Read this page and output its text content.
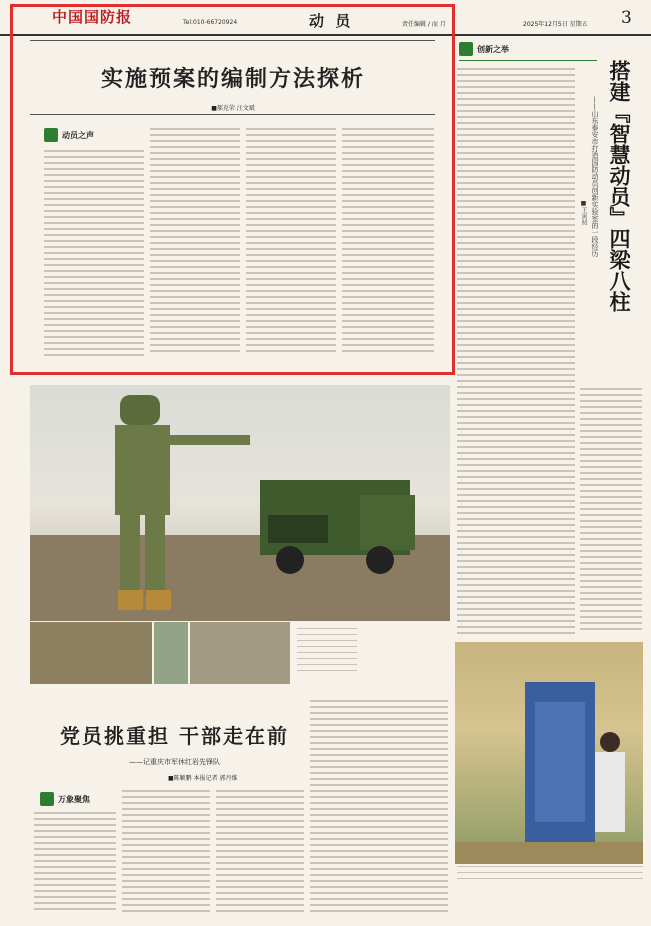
中国国防报	Tel:010-66720924	动 员	责任编辑 / 而 月	2025年12月5日 星期五 3
实施预案的编制方法探析
■郝克荣 汪文斌
动员之声
创新之举
搭建『智慧动员』四梁八柱
——山东泰安市打造国防动员创新实验室的一段经历
■王寅初
党员挑重担 干部走在前
——记重庆市军休红岩先锋队
■陈颖鹏 本报记者 郭丹维
万象聚焦
